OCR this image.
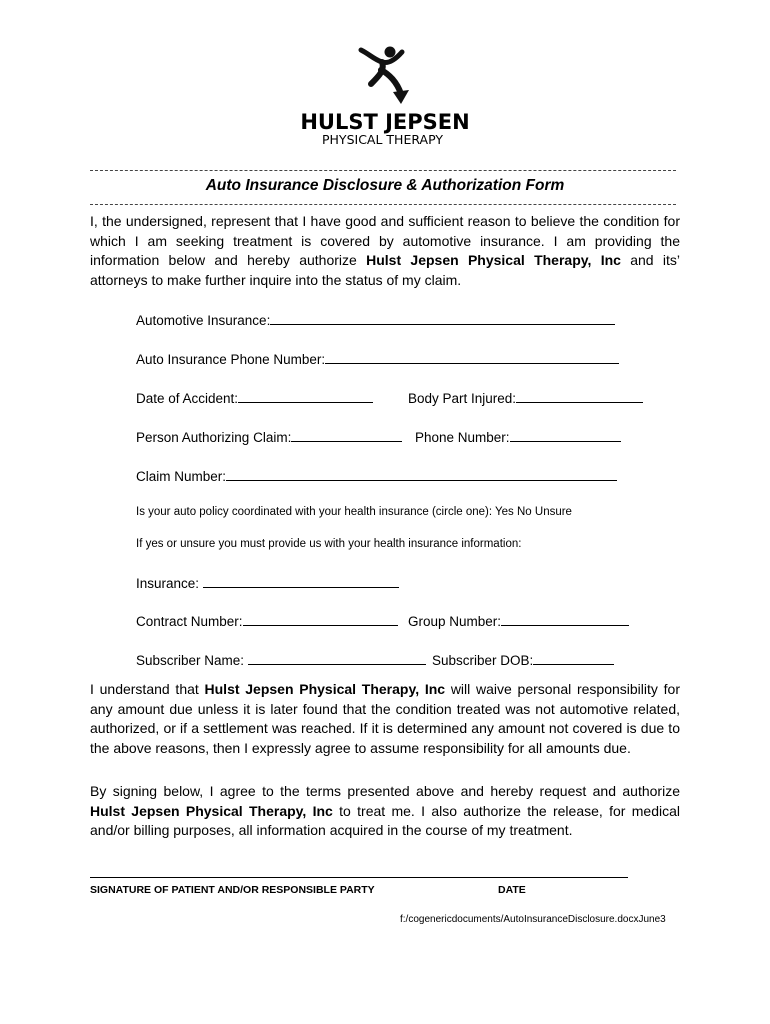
HULST JEPSEN
PHYSICAL THERAPY
Auto Insurance Disclosure & Authorization Form
I, the undersigned, represent that I have good and sufficient reason to believe the condition for which I am seeking treatment is covered by automotive insurance. I am providing the information below and hereby authorize Hulst Jepsen Physical Therapy, Inc and its’ attorneys to make further inquire into the status of my claim.
Automotive Insurance:
Auto Insurance Phone Number:
Date of Accident:	Body Part Injured:
Person Authorizing Claim:	Phone Number:
Claim Number:
Is your auto policy coordinated with your health insurance (circle one): Yes No Unsure
If yes or unsure you must provide us with your health insurance information:
Insurance:
Contract Number:	Group Number:
Subscriber Name:	Subscriber DOB:
I understand that Hulst Jepsen Physical Therapy, Inc will waive personal responsibility for any amount due unless it is later found that the condition treated was not automotive related, authorized, or if a settlement was reached. If it is determined any amount not covered is due to the above reasons, then I expressly agree to assume responsibility for all amounts due.
By signing below, I agree to the terms presented above and hereby request and authorize Hulst Jepsen Physical Therapy, Inc to treat me. I also authorize the release, for medical and/or billing purposes, all information acquired in the course of my treatment.
SIGNATURE OF PATIENT AND/OR RESPONSIBLE PARTY	DATE
f:/cogenericdocuments/AutoInsuranceDisclosure.docxJune3
